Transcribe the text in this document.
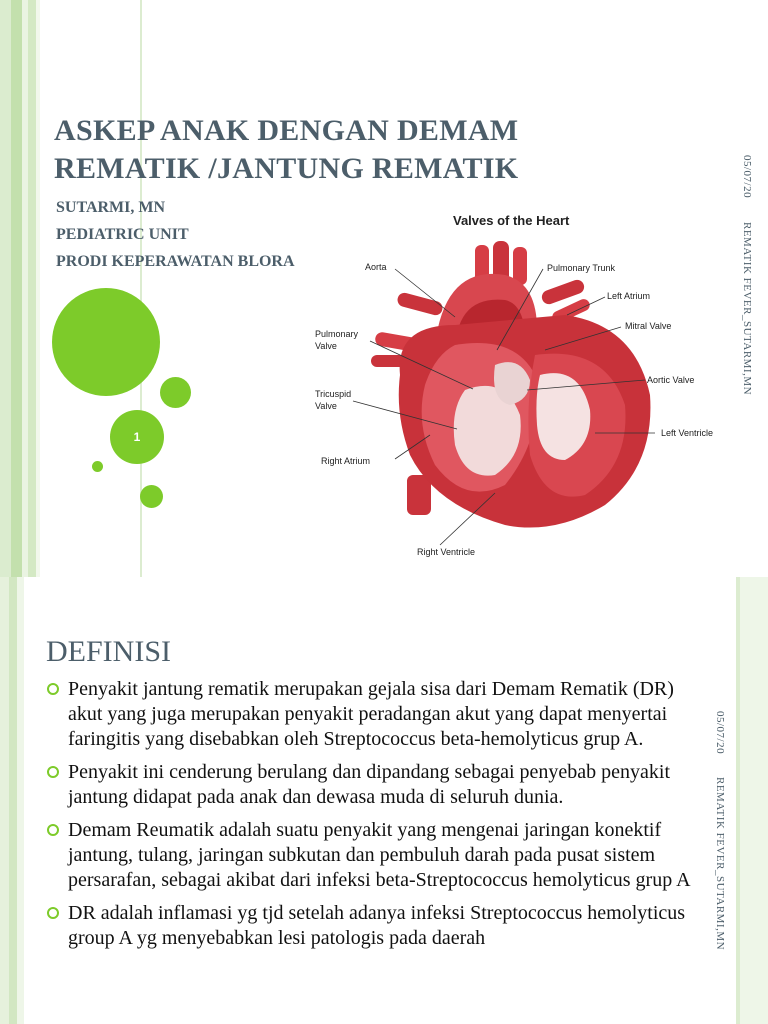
1
ASKEP ANAK DENGAN DEMAM
REMATIK /JANTUNG REMATIK
SUTARMI, MN
PEDIATRIC UNIT
PRODI KEPERAWATAN BLORA
05/07/20
REMATIK FEVER_SUTARMI,MN
Valves of the Heart
Aorta	Pulmonary Trunk
Left Atrium
Mitral Valve
Pulmonary
Valve
Tricuspid
Valve
Aortic Valve
Left Ventricle
Right Atrium
Right Ventricle
DEFINISI
05/07/20
REMATIK FEVER_SUTARMI,MN
Penyakit jantung rematik merupakan gejala sisa dari Demam Rematik (DR) akut yang juga merupakan penyakit peradangan akut yang dapat menyertai faringitis yang disebabkan oleh Streptococcus beta-hemolyticus grup A.
Penyakit ini cenderung berulang dan dipandang sebagai penyebab penyakit jantung didapat pada anak dan dewasa muda di seluruh dunia.
Demam Reumatik adalah suatu penyakit yang mengenai jaringan konektif jantung, tulang, jaringan subkutan dan pembuluh darah pada pusat sistem persarafan, sebagai akibat dari infeksi beta-Streptococcus hemolyticus grup A
DR adalah inflamasi yg tjd setelah adanya infeksi Streptococcus hemolyticus group A yg menyebabkan lesi patologis pada daerah
